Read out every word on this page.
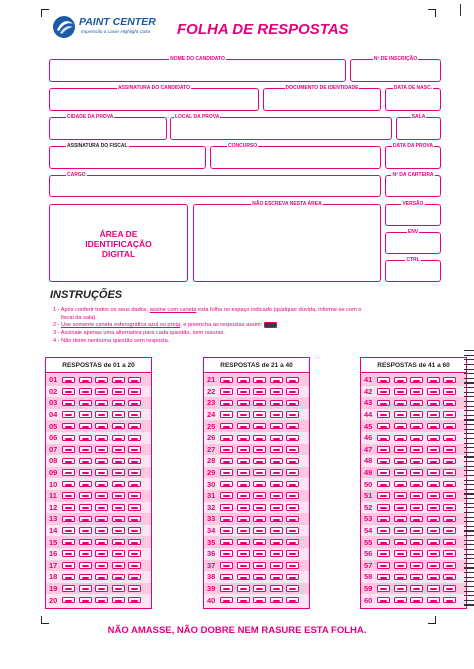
PAINT CENTER
Impressão a Laser Highlight Color FOLHA DE RESPOSTAS
NOME DO CANDIDATO	Nº DE INSCRIÇÃO
ASSINATURA DO CANDIDATO	DOCUMENTO DE IDENTIDADE	DATA DE NASC.
CIDADE DA PROVA	LOCAL DA PROVA	SALA
ASSINATURA DO FISCAL	CONCURSO	DATA DA PROVA
CARGO	Nº DA CARTEIRA
ÁREA DE
IDENTIFICAÇÃO
DIGITAL
NÃO ESCREVA NESTA ÁREA	VERSÃO
ENV
CTRL
INSTRUÇÕES
1 - Após conferir todos os seus dados, assine com caneta esta folha no espaço indicado (qualquer dúvida, informe-se com o
fiscal da sala).
2 - Use somente caneta esferográfica azul ou preta, e preencha as respostas assim:
3 - Assinale apenas uma alternativa para cada questão, sem rasuras.
4 - Não deixe nenhuma questão sem resposta.
RESPOSTAS de 01 a 20
01
02
03
04
05
06
07
08
09
10
11
12
13
14
15
16
17
18
19
20
RESPOSTAS de 21 a 40
21
22
23
24
25
26
27
28
29
30
31
32
33
34
35
36
37
38
39
40
RESPOSTAS de 41 a 60
41
42
43
44
45
46
47
48
49
50
51
52
53
54
55
56
57
58
59
60
NÃO AMASSE, NÃO DOBRE NEM RASURE ESTA FOLHA.
